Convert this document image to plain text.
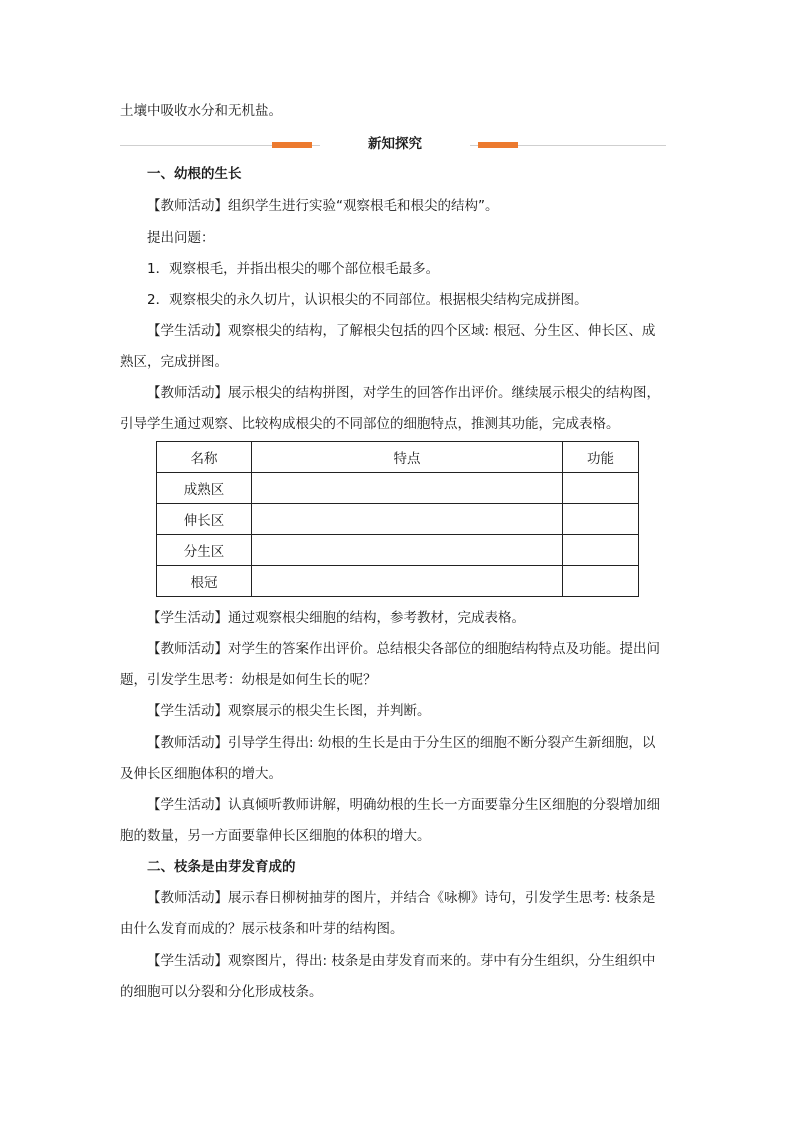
土壤中吸收水分和无机盐。
新知探究
一、幼根的生长
【教师活动】组织学生进行实验“观察根毛和根尖的结构”。
提出问题：
1．观察根毛，并指出根尖的哪个部位根毛最多。
2．观察根尖的永久切片，认识根尖的不同部位。根据根尖结构完成拼图。
【学生活动】观察根尖的结构，了解根尖包括的四个区域: 根冠、分生区、伸长区、成
熟区，完成拼图。
【教师活动】展示根尖的结构拼图，对学生的回答作出评价。继续展示根尖的结构图，
引导学生通过观察、比较构成根尖的不同部位的细胞特点，推测其功能，完成表格。
名称	特点	功能
成熟区		
伸长区		
分生区		
根冠		
【学生活动】通过观察根尖细胞的结构，参考教材，完成表格。
【教师活动】对学生的答案作出评价。总结根尖各部位的细胞结构特点及功能。提出问
题，引发学生思考：幼根是如何生长的呢？
【学生活动】观察展示的根尖生长图，并判断。
【教师活动】引导学生得出: 幼根的生长是由于分生区的细胞不断分裂产生新细胞，以
及伸长区细胞体积的增大。
【学生活动】认真倾听教师讲解，明确幼根的生长一方面要靠分生区细胞的分裂增加细
胞的数量，另一方面要靠伸长区细胞的体积的增大。
二、枝条是由芽发育成的
【教师活动】展示春日柳树抽芽的图片，并结合《咏柳》诗句，引发学生思考: 枝条是
由什么发育而成的？展示枝条和叶芽的结构图。
【学生活动】观察图片，得出: 枝条是由芽发育而来的。芽中有分生组织，分生组织中
的细胞可以分裂和分化形成枝条。
